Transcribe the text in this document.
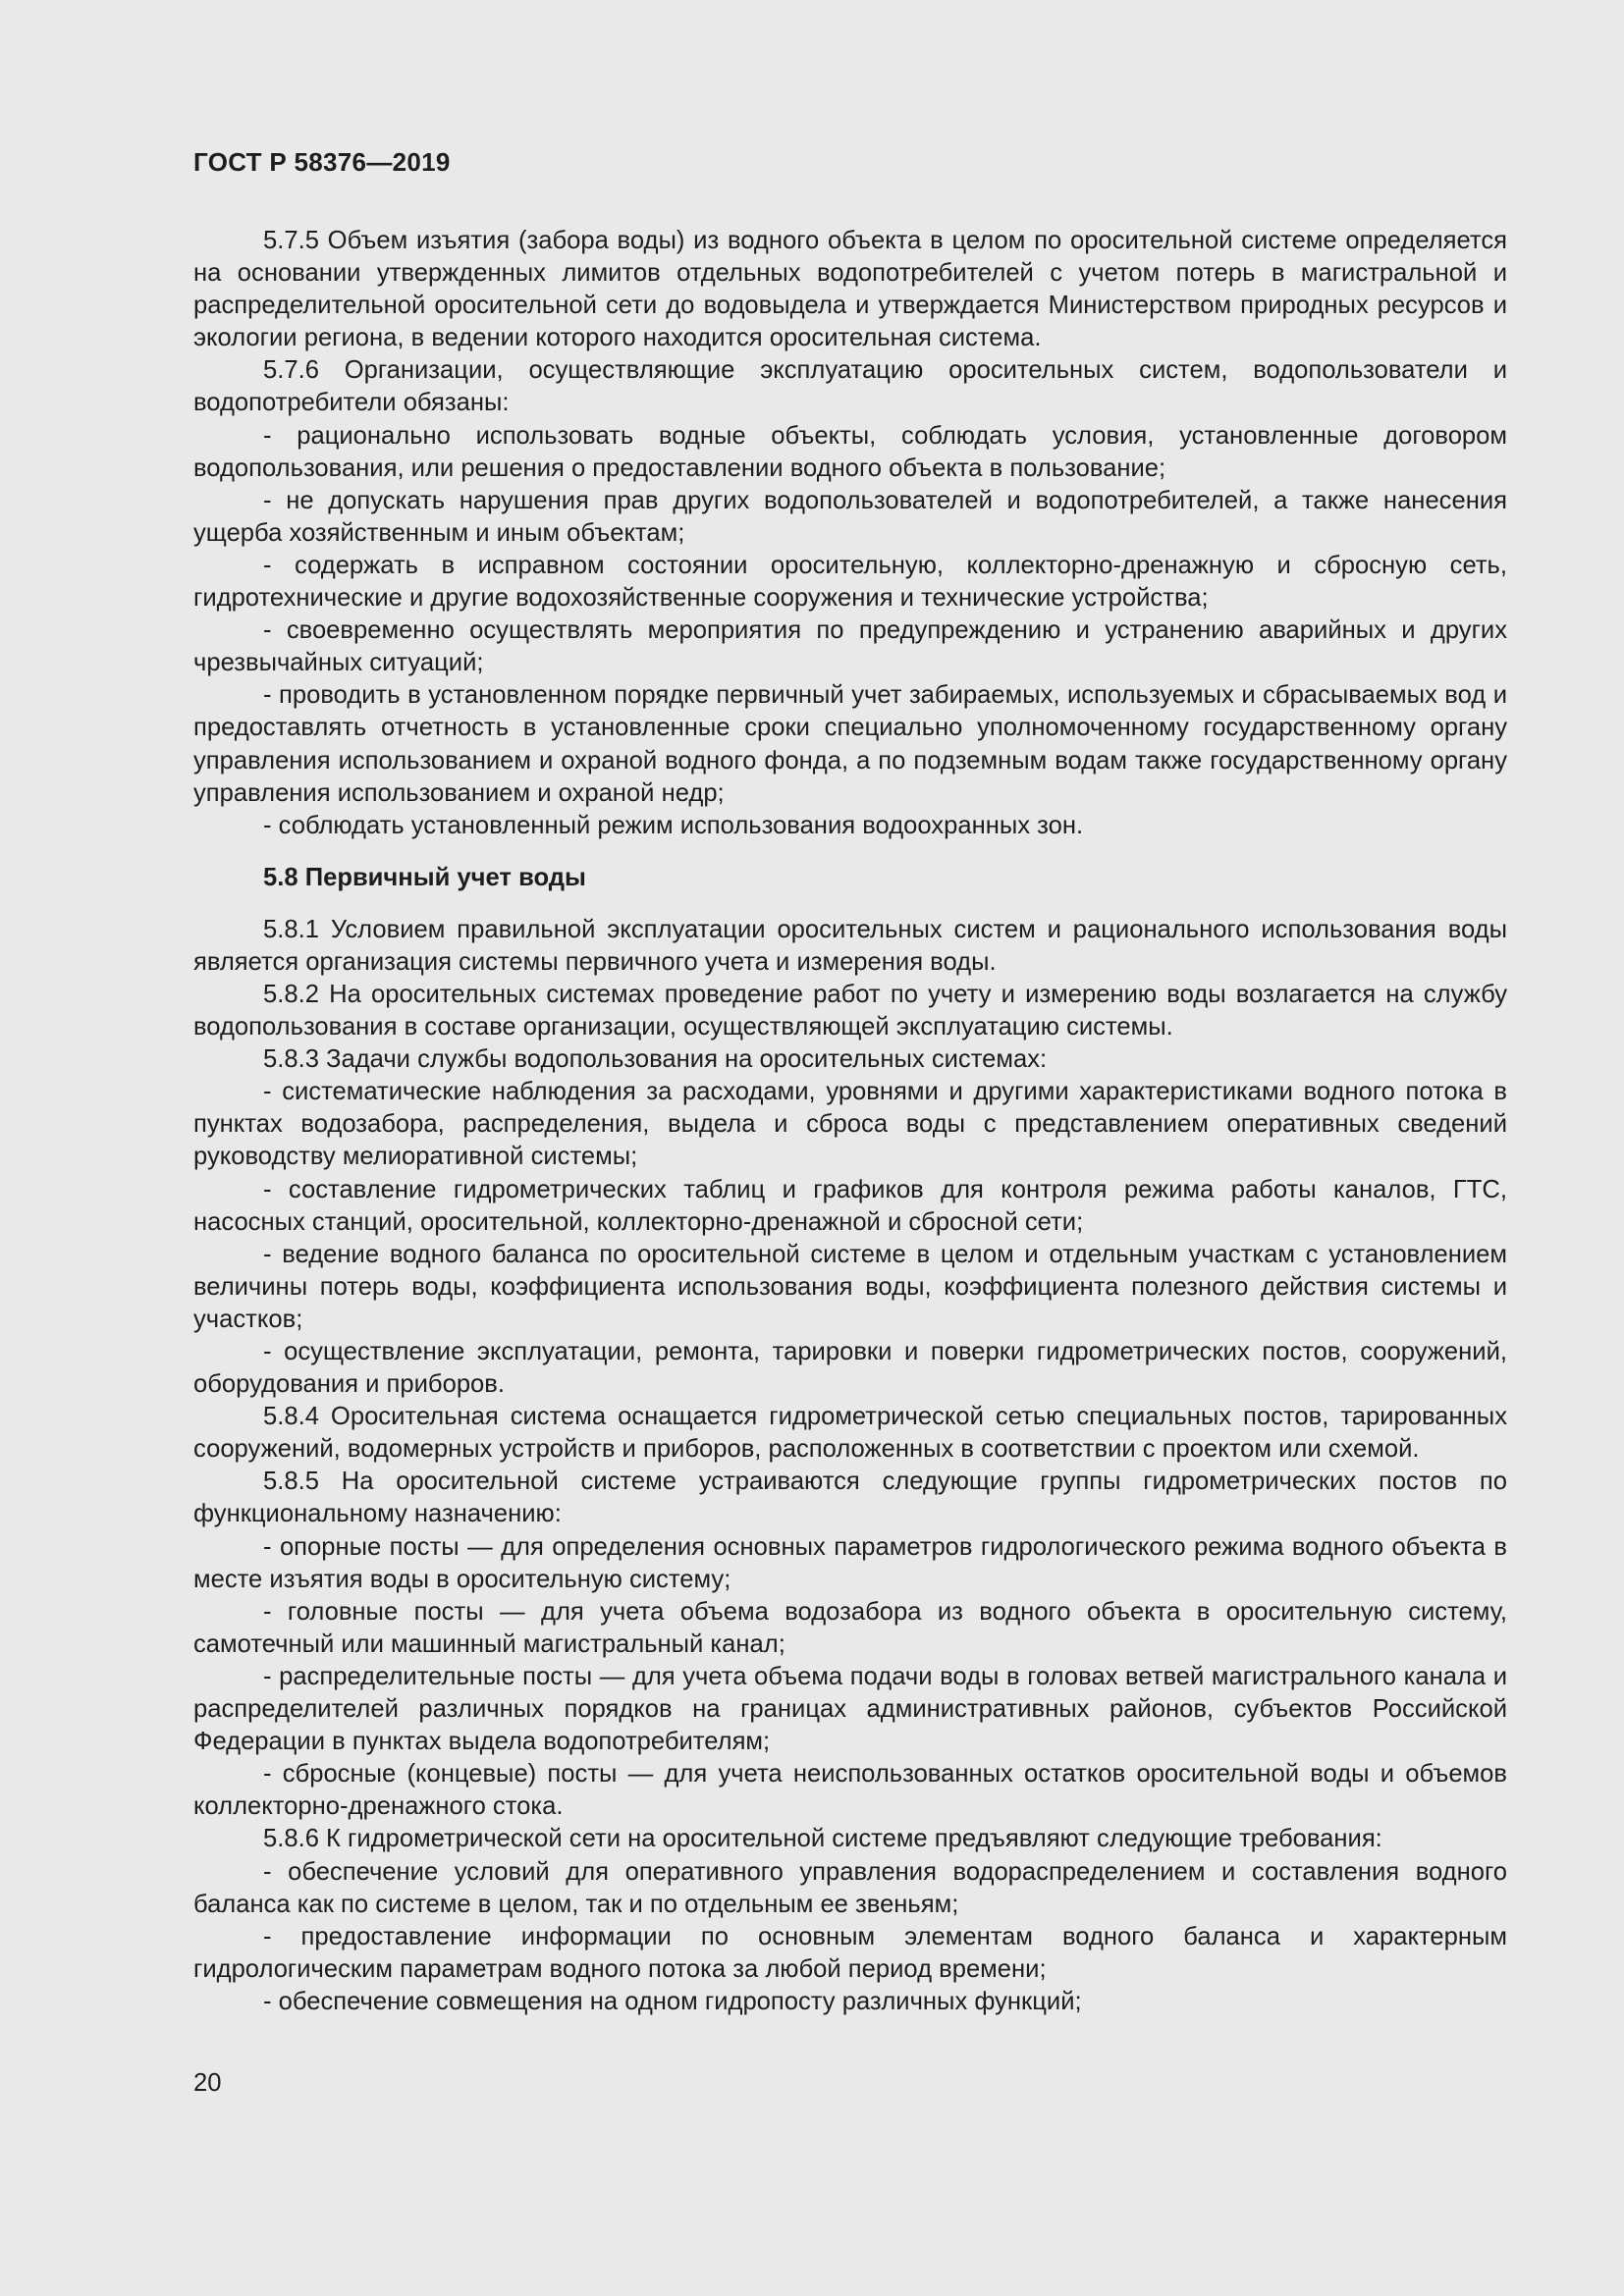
ГОСТ Р 58376—2019

5.7.5 Объем изъятия (забора воды) из водного объекта в целом по оросительной системе определяется на основании утвержденных лимитов отдельных водопотребителей с учетом потерь в магистральной и распределительной оросительной сети до водовыдела и утверждается Министерством природных ресурсов и экологии региона, в ведении которого находится оросительная система.

5.7.6 Организации, осуществляющие эксплуатацию оросительных систем, водопользователи и водопотребители обязаны:

- рационально использовать водные объекты, соблюдать условия, установленные договором водопользования, или решения о предоставлении водного объекта в пользование;

- не допускать нарушения прав других водопользователей и водопотребителей, а также нанесения ущерба хозяйственным и иным объектам;

- содержать в исправном состоянии оросительную, коллекторно-дренажную и сбросную сеть, гидротехнические и другие водохозяйственные сооружения и технические устройства;

- своевременно осуществлять мероприятия по предупреждению и устранению аварийных и других чрезвычайных ситуаций;

- проводить в установленном порядке первичный учет забираемых, используемых и сбрасываемых вод и предоставлять отчетность в установленные сроки специально уполномоченному государственному органу управления использованием и охраной водного фонда, а по подземным водам также государственному органу управления использованием и охраной недр;

- соблюдать установленный режим использования водоохранных зон.

5.8 Первичный учет воды

5.8.1 Условием правильной эксплуатации оросительных систем и рационального использования воды является организация системы первичного учета и измерения воды.

5.8.2 На оросительных системах проведение работ по учету и измерению воды возлагается на службу водопользования в составе организации, осуществляющей эксплуатацию системы.

5.8.3 Задачи службы водопользования на оросительных системах:

- систематические наблюдения за расходами, уровнями и другими характеристиками водного потока в пунктах водозабора, распределения, выдела и сброса воды с представлением оперативных сведений руководству мелиоративной системы;

- составление гидрометрических таблиц и графиков для контроля режима работы каналов, ГТС, насосных станций, оросительной, коллекторно-дренажной и сбросной сети;

- ведение водного баланса по оросительной системе в целом и отдельным участкам с установлением величины потерь воды, коэффициента использования воды, коэффициента полезного действия системы и участков;

- осуществление эксплуатации, ремонта, тарировки и поверки гидрометрических постов, сооружений, оборудования и приборов.

5.8.4 Оросительная система оснащается гидрометрической сетью специальных постов, тарированных сооружений, водомерных устройств и приборов, расположенных в соответствии с проектом или схемой.

5.8.5 На оросительной системе устраиваются следующие группы гидрометрических постов по функциональному назначению:

- опорные посты — для определения основных параметров гидрологического режима водного объекта в месте изъятия воды в оросительную систему;

- головные посты — для учета объема водозабора из водного объекта в оросительную систему, самотечный или машинный магистральный канал;

- распределительные посты — для учета объема подачи воды в головах ветвей магистрального канала и распределителей различных порядков на границах административных районов, субъектов Российской Федерации в пунктах выдела водопотребителям;

- сбросные (концевые) посты — для учета неиспользованных остатков оросительной воды и объемов коллекторно-дренажного стока.

5.8.6 К гидрометрической сети на оросительной системе предъявляют следующие требования:

- обеспечение условий для оперативного управления водораспределением и составления водного баланса как по системе в целом, так и по отдельным ее звеньям;

- предоставление информации по основным элементам водного баланса и характерным гидрологическим параметрам водного потока за любой период времени;

- обеспечение совмещения на одном гидропосту различных функций;

20
